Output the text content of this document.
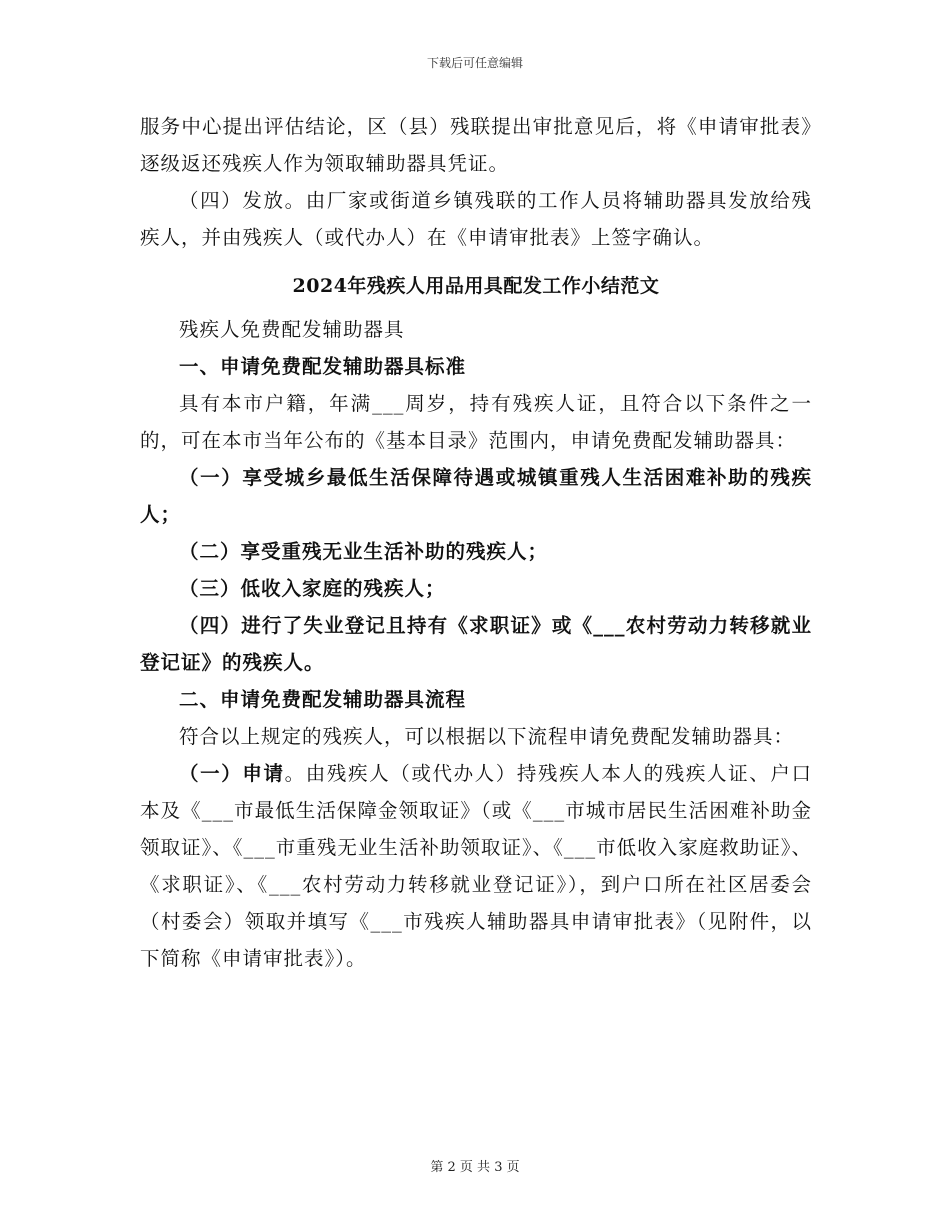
下载后可任意编辑

服务中心提出评估结论，区（县）残联提出审批意见后，将《申请审批表》逐级返还残疾人作为领取辅助器具凭证。

（四）发放。由厂家或街道乡镇残联的工作人员将辅助器具发放给残疾人，并由残疾人（或代办人）在《申请审批表》上签字确认。

2024年残疾人用品用具配发工作小结范文

残疾人免费配发辅助器具

一、申请免费配发辅助器具标准

具有本市户籍，年满___周岁，持有残疾人证，且符合以下条件之一的，可在本市当年公布的《基本目录》范围内，申请免费配发辅助器具：

（一）享受城乡最低生活保障待遇或城镇重残人生活困难补助的残疾人；

（二）享受重残无业生活补助的残疾人；

（三）低收入家庭的残疾人；

（四）进行了失业登记且持有《求职证》或《___农村劳动力转移就业登记证》的残疾人。

二、申请免费配发辅助器具流程

符合以上规定的残疾人，可以根据以下流程申请免费配发辅助器具：

（一）申请。由残疾人（或代办人）持残疾人本人的残疾人证、户口本及《___市最低生活保障金领取证》（或《___市城市居民生活困难补助金领取证》、《___市重残无业生活补助领取证》、《___市低收入家庭救助证》、《求职证》、《___农村劳动力转移就业登记证》），到户口所在社区居委会（村委会）领取并填写《___市残疾人辅助器具申请审批表》（见附件，以下简称《申请审批表》）。

第 2 页 共 3 页
